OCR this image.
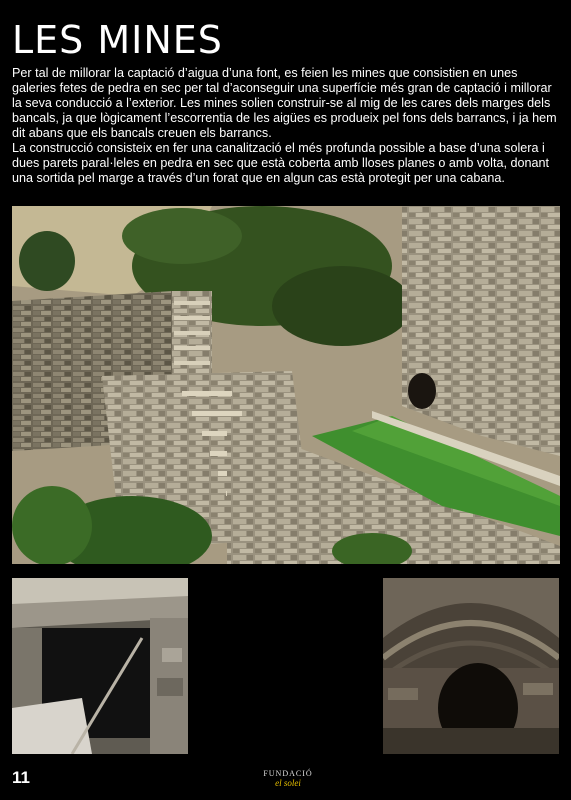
LES MINES

Per tal de millorar la captació d’aigua d’una font, es feien les mines que consistien en unes galeries fetes de pedra en sec per tal d’aconseguir una superfície més gran de captació i millorar la seva conducció a l’exterior. Les mines solien construir-se al mig de les cares dels marges dels bancals, ja que lògicament l’escorrentia de les aigües es produeix pel fons dels barrancs, i ja hem dit abans que els bancals creuen els barrancs.

La construcció consisteix en fer una canalització el més profunda possible a base d’una solera i dues parets paral·leles en pedra en sec que està coberta amb lloses planes o amb volta, donant una sortida pel marge a través d’un forat que en algun cas està protegit per una cabana.

11	FUNDACIÓ
el solei
